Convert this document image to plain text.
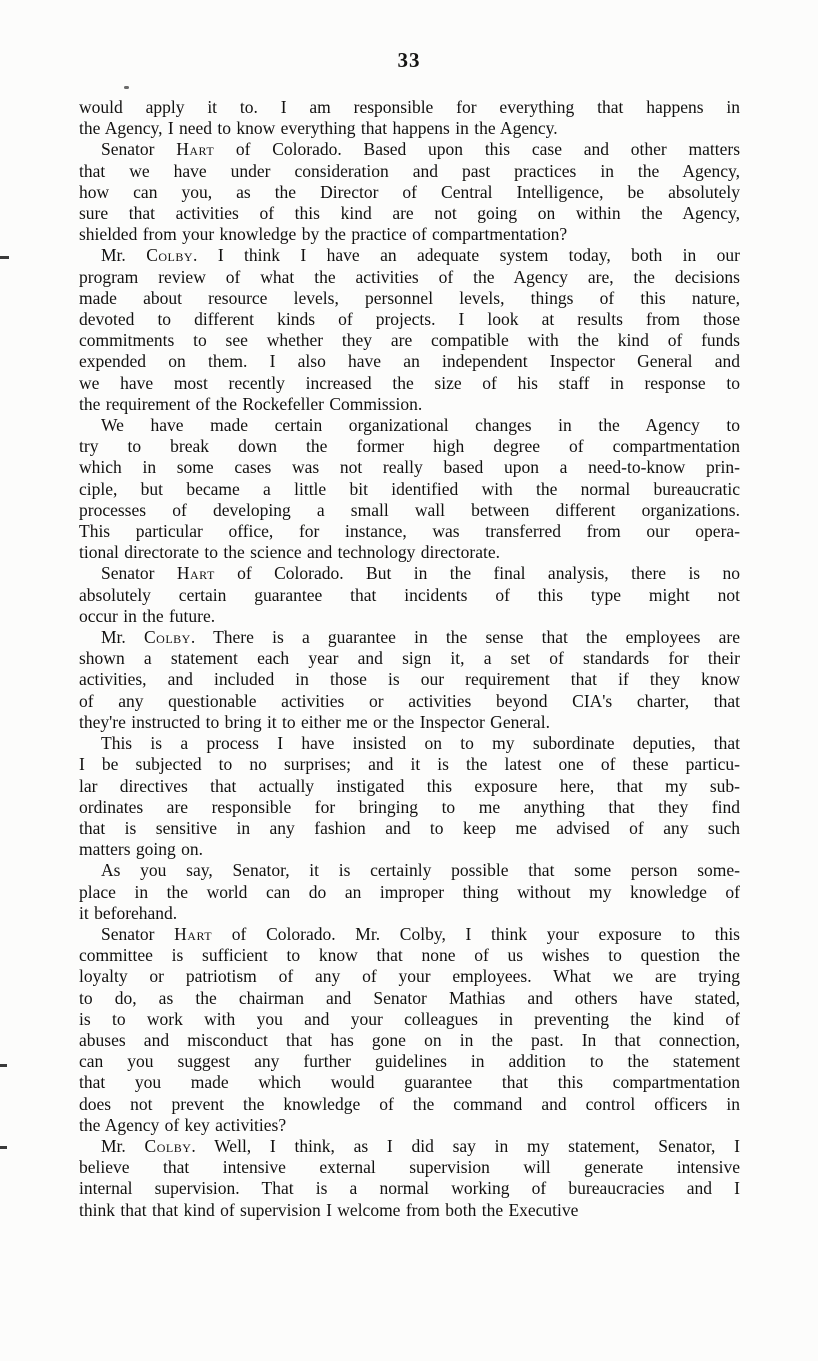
33
would apply it to. I am responsible for everything that happens in
the Agency, I need to know everything that happens in the Agency.
Senator Hart of Colorado. Based upon this case and other matters
that we have under consideration and past practices in the Agency,
how can you, as the Director of Central Intelligence, be absolutely
sure that activities of this kind are not going on within the Agency,
shielded from your knowledge by the practice of compartmentation?
Mr. Colby. I think I have an adequate system today, both in our
program review of what the activities of the Agency are, the decisions
made about resource levels, personnel levels, things of this nature,
devoted to different kinds of projects. I look at results from those
commitments to see whether they are compatible with the kind of funds
expended on them. I also have an independent Inspector General and
we have most recently increased the size of his staff in response to
the requirement of the Rockefeller Commission.
We have made certain organizational changes in the Agency to
try to break down the former high degree of compartmentation
which in some cases was not really based upon a need-to-know prin-
ciple, but became a little bit identified with the normal bureaucratic
processes of developing a small wall between different organizations.
This particular office, for instance, was transferred from our opera-
tional directorate to the science and technology directorate.
Senator Hart of Colorado. But in the final analysis, there is no
absolutely certain guarantee that incidents of this type might not
occur in the future.
Mr. Colby. There is a guarantee in the sense that the employees are
shown a statement each year and sign it, a set of standards for their
activities, and included in those is our requirement that if they know
of any questionable activities or activities beyond CIA's charter, that
they're instructed to bring it to either me or the Inspector General.
This is a process I have insisted on to my subordinate deputies, that
I be subjected to no surprises; and it is the latest one of these particu-
lar directives that actually instigated this exposure here, that my sub-
ordinates are responsible for bringing to me anything that they find
that is sensitive in any fashion and to keep me advised of any such
matters going on.
As you say, Senator, it is certainly possible that some person some-
place in the world can do an improper thing without my knowledge of
it beforehand.
Senator Hart of Colorado. Mr. Colby, I think your exposure to this
committee is sufficient to know that none of us wishes to question the
loyalty or patriotism of any of your employees. What we are trying
to do, as the chairman and Senator Mathias and others have stated,
is to work with you and your colleagues in preventing the kind of
abuses and misconduct that has gone on in the past. In that connection,
can you suggest any further guidelines in addition to the statement
that you made which would guarantee that this compartmentation
does not prevent the knowledge of the command and control officers in
the Agency of key activities?
Mr. Colby. Well, I think, as I did say in my statement, Senator, I
believe that intensive external supervision will generate intensive
internal supervision. That is a normal working of bureaucracies and I
think that that kind of supervision I welcome from both the Executive
